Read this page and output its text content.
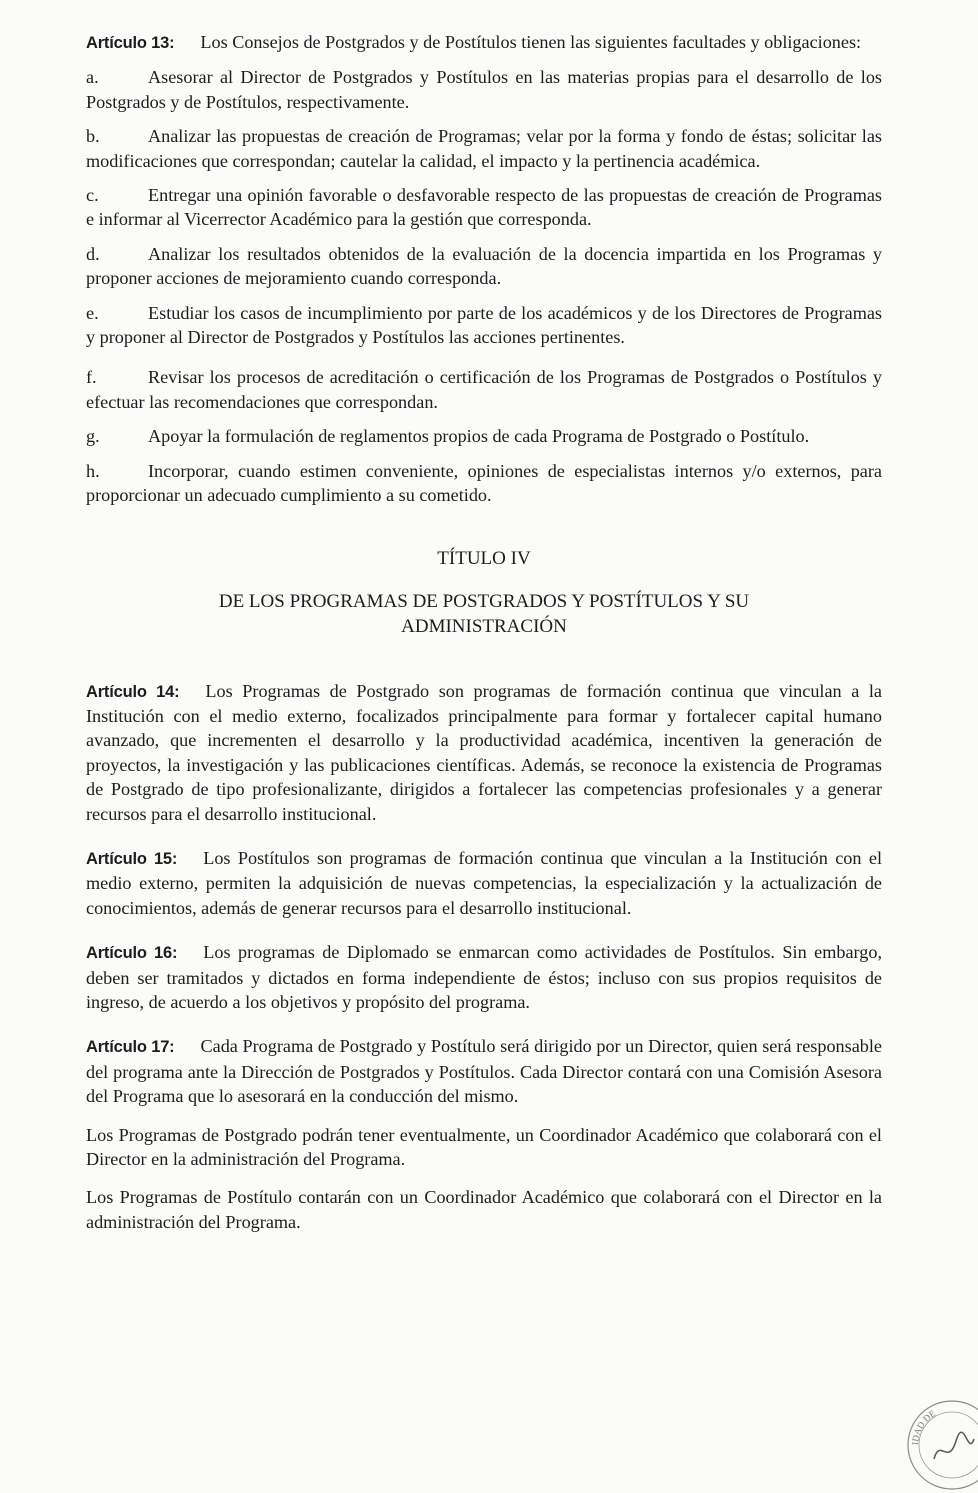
Artículo 13: Los Consejos de Postgrados y de Postítulos tienen las siguientes facultades y obligaciones:

a.	Asesorar al Director de Postgrados y Postítulos en las materias propias para el desarrollo de los Postgrados y de Postítulos, respectivamente.

b.	Analizar las propuestas de creación de Programas; velar por la forma y fondo de éstas; solicitar las modificaciones que correspondan; cautelar la calidad, el impacto y la pertinencia académica.

c.	Entregar una opinión favorable o desfavorable respecto de las propuestas de creación de Programas e informar al Vicerrector Académico para la gestión que corresponda.

d.	Analizar los resultados obtenidos de la evaluación de la docencia impartida en los Programas y proponer acciones de mejoramiento cuando corresponda.

e.	Estudiar los casos de incumplimiento por parte de los académicos y de los Directores de Programas y proponer al Director de Postgrados y Postítulos las acciones pertinentes.

f.	Revisar los procesos de acreditación o certificación de los Programas de Postgrados o Postítulos y efectuar las recomendaciones que correspondan.

g.	Apoyar la formulación de reglamentos propios de cada Programa de Postgrado o Postítulo.

h.	Incorporar, cuando estimen conveniente, opiniones de especialistas internos y/o externos, para proporcionar un adecuado cumplimiento a su cometido.

TÍTULO IV

DE LOS PROGRAMAS DE POSTGRADOS Y POSTÍTULOS Y SU ADMINISTRACIÓN

Artículo 14: Los Programas de Postgrado son programas de formación continua que vinculan a la Institución con el medio externo, focalizados principalmente para formar y fortalecer capital humano avanzado, que incrementen el desarrollo y la productividad académica, incentiven la generación de proyectos, la investigación y las publicaciones científicas. Además, se reconoce la existencia de Programas de Postgrado de tipo profesionalizante, dirigidos a fortalecer las competencias profesionales y a generar recursos para el desarrollo institucional.

Artículo 15: Los Postítulos son programas de formación continua que vinculan a la Institución con el medio externo, permiten la adquisición de nuevas competencias, la especialización y la actualización de conocimientos, además de generar recursos para el desarrollo institucional.

Artículo 16: Los programas de Diplomado se enmarcan como actividades de Postítulos. Sin embargo, deben ser tramitados y dictados en forma independiente de éstos; incluso con sus propios requisitos de ingreso, de acuerdo a los objetivos y propósito del programa.

Artículo 17: Cada Programa de Postgrado y Postítulo será dirigido por un Director, quien será responsable del programa ante la Dirección de Postgrados y Postítulos. Cada Director contará con una Comisión Asesora del Programa que lo asesorará en la conducción del mismo.

Los Programas de Postgrado podrán tener eventualmente, un Coordinador Académico que colaborará con el Director en la administración del Programa.

Los Programas de Postítulo contarán con un Coordinador Académico que colaborará con el Director en la administración del Programa.

IDAD DE
